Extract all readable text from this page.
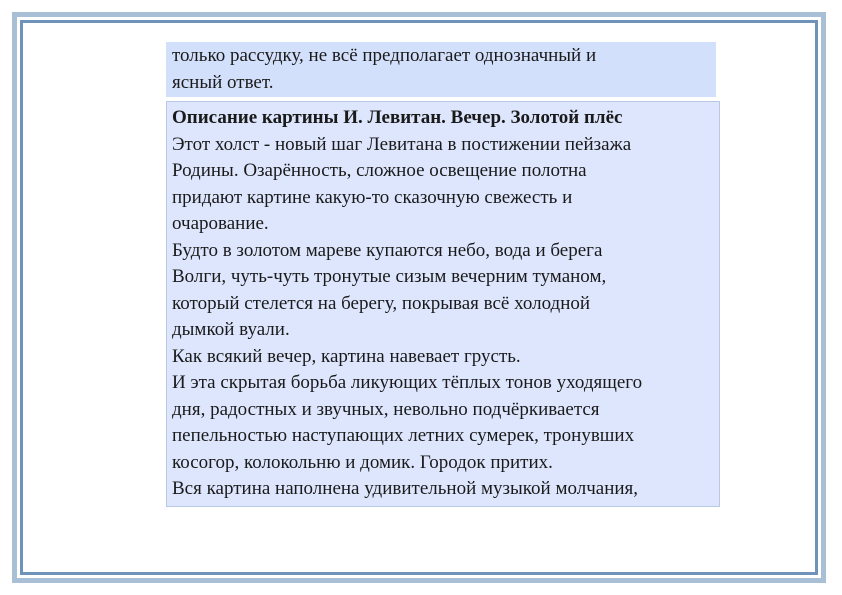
только рассудку, не всё предполагает однозначный и

ясный ответ.

Описание картины И. Левитан. Вечер. Золотой плёс

Этот холст - новый шаг Левитана в постижении пейзажа

Родины. Озарённость, сложное освещение полотна

придают картине какую-то сказочную свежесть и

очарование.

Будто в золотом мареве купаются небо, вода и берега

Волги, чуть-чуть тронутые сизым вечерним туманом,

который стелется на берегу, покрывая всё холодной

дымкой вуали.

Как всякий вечер, картина навевает грусть.

И эта скрытая борьба ликующих тёплых тонов уходящего

дня, радостных и звучных, невольно подчёркивается

пепельностью наступающих летних сумерек, тронувших

косогор, колокольню и домик. Городок притих.

Вся картина наполнена удивительной музыкой молчания,
